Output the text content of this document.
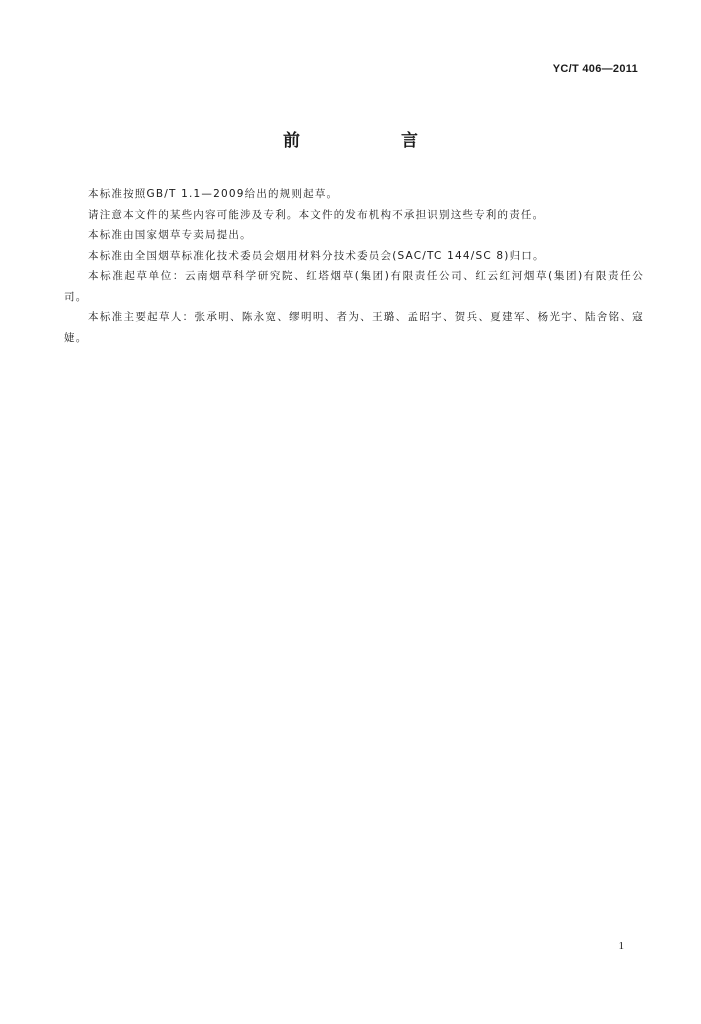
YC/T 406—2011
前　言

本标准按照GB/T 1.1—2009给出的规则起草。

请注意本文件的某些内容可能涉及专利。本文件的发布机构不承担识别这些专利的责任。

本标准由国家烟草专卖局提出。

本标准由全国烟草标准化技术委员会烟用材料分技术委员会(SAC/TC 144/SC 8)归口。

本标准起草单位：云南烟草科学研究院、红塔烟草(集团)有限责任公司、红云红河烟草(集团)有限责任公司。

本标准主要起草人：张承明、陈永宽、缪明明、者为、王璐、孟昭宇、贺兵、夏建军、杨光宇、陆舍铭、寇婕。

1
